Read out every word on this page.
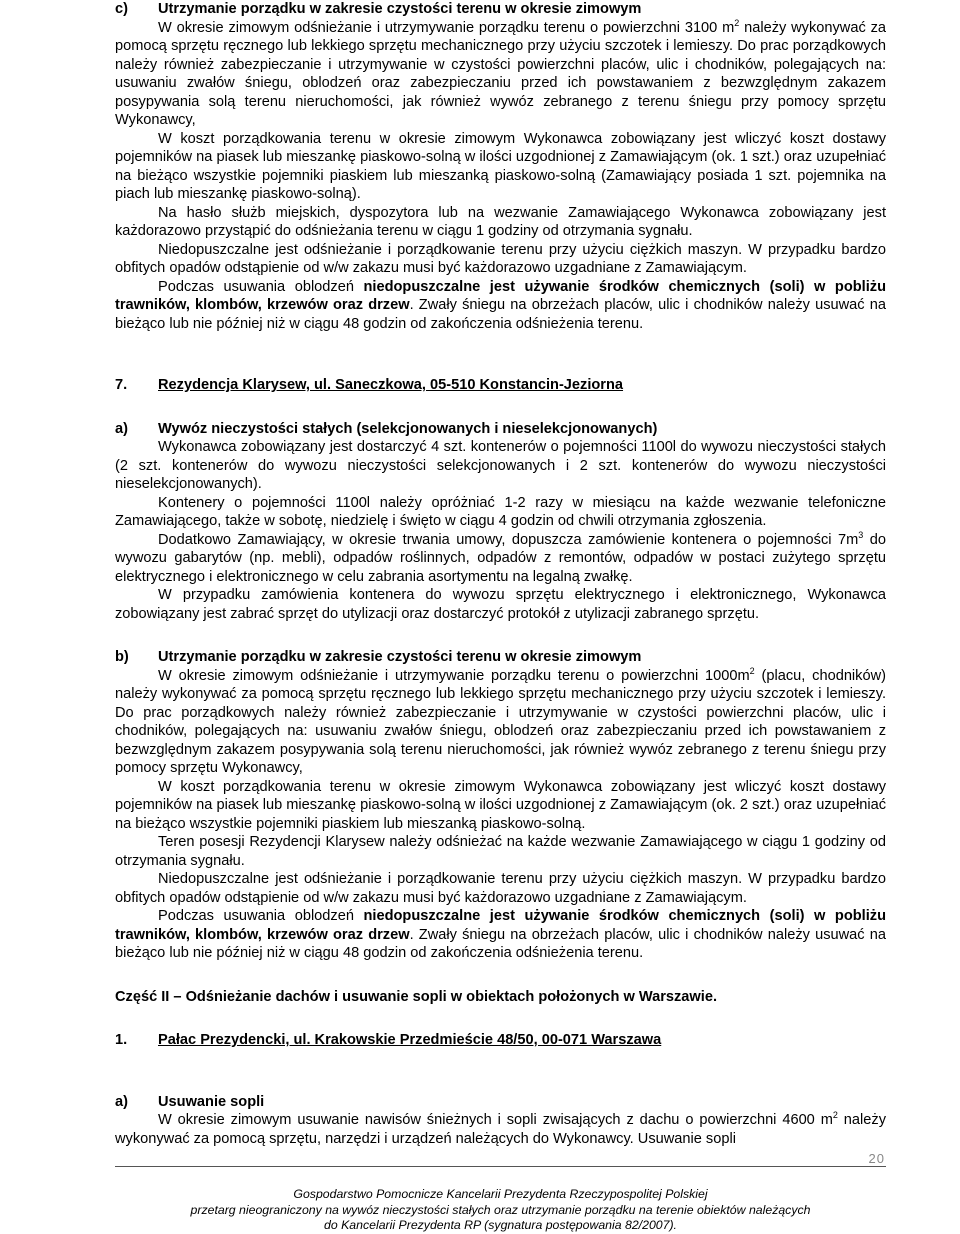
c)	Utrzymanie porządku w zakresie czystości terenu w okresie zimowym

W okresie zimowym odśnieżanie i utrzymywanie porządku terenu o powierzchni 3100 $m^2$ należy wykonywać za pomocą sprzętu ręcznego lub lekkiego sprzętu mechanicznego przy użyciu szczotek i lemieszy. Do prac porządkowych należy również zabezpieczanie i utrzymywanie w czystości powierzchni placów, ulic i chodników, polegających na: usuwaniu zwałów śniegu, oblodzeń oraz zabezpieczaniu przed ich powstawaniem z bezwzględnym zakazem posypywania solą terenu nieruchomości, jak również wywóz zebranego z terenu śniegu przy pomocy sprzętu Wykonawcy,

W koszt porządkowania terenu w okresie zimowym Wykonawca zobowiązany jest wliczyć koszt dostawy pojemników na piasek lub mieszankę piaskowo-solną w ilości uzgodnionej z Zamawiającym (ok. 1 szt.) oraz uzupełniać na bieżąco wszystkie pojemniki piaskiem lub mieszanką piaskowo-solną (Zamawiający posiada 1 szt. pojemnika na piach lub mieszankę piaskowo-solną).

Na hasło służb miejskich, dyspozytora lub na wezwanie Zamawiającego Wykonawca zobowiązany jest każdorazowo przystąpić do odśnieżania terenu w ciągu 1 godziny od otrzymania sygnału.

Niedopuszczalne jest odśnieżanie i porządkowanie terenu przy użyciu ciężkich maszyn. W przypadku bardzo obfitych opadów odstąpienie od w/w zakazu musi być każdorazowo uzgadniane z Zamawiającym.

Podczas usuwania oblodzeń niedopuszczalne jest używanie środków chemicznych (soli) w pobliżu trawników, klombów, krzewów oraz drzew. Zwały śniegu na obrzeżach placów, ulic i chodników należy usuwać na bieżąco lub nie później niż w ciągu 48 godzin od zakończenia odśnieżenia terenu.

7.	Rezydencja Klarysew, ul. Saneczkowa, 05-510 Konstancin-Jeziorna
a)	Wywóz nieczystości stałych (selekcjonowanych i nieselekcjonowanych)

Wykonawca zobowiązany jest dostarczyć 4 szt. kontenerów o pojemności 1100l do wywozu nieczystości stałych (2 szt. kontenerów do wywozu nieczystości selekcjonowanych i 2 szt. kontenerów do wywozu nieczystości nieselekcjonowanych).

Kontenery o pojemności 1100l należy opróżniać 1-2 razy w miesiącu na każde wezwanie telefoniczne Zamawiającego, także w sobotę, niedzielę i święto w ciągu 4 godzin od chwili otrzymania zgłoszenia.

Dodatkowo Zamawiający, w okresie trwania umowy, dopuszcza zamówienie kontenera o pojemności $7m^3$ do wywozu gabarytów (np. mebli), odpadów roślinnych, odpadów z remontów, odpadów w postaci zużytego sprzętu elektrycznego i elektronicznego w celu zabrania asortymentu na legalną zwałkę.

W przypadku zamówienia kontenera do wywozu sprzętu elektrycznego i elektronicznego, Wykonawca zobowiązany jest zabrać sprzęt do utylizacji oraz dostarczyć protokół z utylizacji zabranego sprzętu.

b)	Utrzymanie porządku w zakresie czystości terenu w okresie zimowym

W okresie zimowym odśnieżanie i utrzymywanie porządku terenu o powierzchni $1000m^2$ (placu, chodników) należy wykonywać za pomocą sprzętu ręcznego lub lekkiego sprzętu mechanicznego przy użyciu szczotek i lemieszy. Do prac porządkowych należy również zabezpieczanie i utrzymywanie w czystości powierzchni placów, ulic i chodników, polegających na: usuwaniu zwałów śniegu, oblodzeń oraz zabezpieczaniu przed ich powstawaniem z bezwzględnym zakazem posypywania solą terenu nieruchomości, jak również wywóz zebranego z terenu śniegu przy pomocy sprzętu Wykonawcy,

W koszt porządkowania terenu w okresie zimowym Wykonawca zobowiązany jest wliczyć koszt dostawy pojemników na piasek lub mieszankę piaskowo-solną w ilości uzgodnionej z Zamawiającym (ok. 2 szt.) oraz uzupełniać na bieżąco wszystkie pojemniki piaskiem lub mieszanką piaskowo-solną.

Teren posesji Rezydencji Klarysew należy odśnieżać na każde wezwanie Zamawiającego w ciągu 1 godziny od otrzymania sygnału.

Niedopuszczalne jest odśnieżanie i porządkowanie terenu przy użyciu ciężkich maszyn. W przypadku bardzo obfitych opadów odstąpienie od w/w zakazu musi być każdorazowo uzgadniane z Zamawiającym.

Podczas usuwania oblodzeń niedopuszczalne jest używanie środków chemicznych (soli) w pobliżu trawników, klombów, krzewów oraz drzew. Zwały śniegu na obrzeżach placów, ulic i chodników należy usuwać na bieżąco lub nie później niż w ciągu 48 godzin od zakończenia odśnieżenia terenu.

Część II – Odśnieżanie dachów i usuwanie sopli w obiektach położonych w Warszawie.
1.	Pałac Prezydencki, ul. Krakowskie Przedmieście 48/50, 00-071 Warszawa
a)	Usuwanie sopli

W okresie zimowym usuwanie nawisów śnieżnych i sopli zwisających z dachu o powierzchni 4600 $m^2$ należy wykonywać za pomocą sprzętu, narzędzi i urządzeń należących do Wykonawcy. Usuwanie sopli

20
Gospodarstwo Pomocnicze Kancelarii Prezydenta Rzeczypospolitej Polskiej
przetarg nieograniczony na wywóz nieczystości stałych oraz utrzymanie porządku na terenie obiektów należących
do Kancelarii Prezydenta RP (sygnatura postępowania 82/2007).
